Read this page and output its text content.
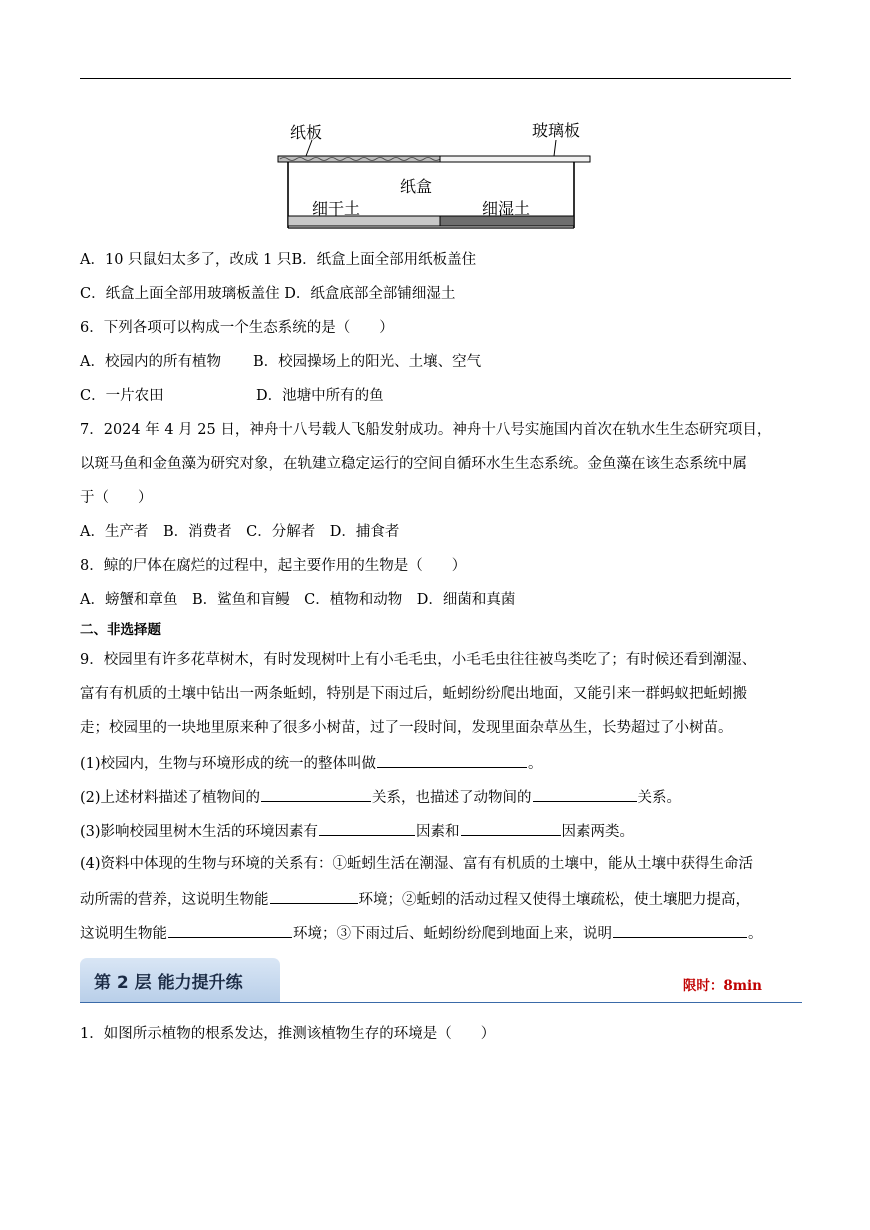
纸板	玻璃板
纸盒
细干土	细湿土
A．10 只鼠妇太多了，改成 1 只B．纸盒上面全部用纸板盖住
C．纸盒上面全部用玻璃板盖住 D．纸盒底部全部铺细湿土
6．下列各项可以构成一个生态系统的是（　　）
A．校园内的所有植物 B．校园操场上的阳光、土壤、空气
C．一片农田	D．池塘中所有的鱼
7．2024 年 4 月 25 日，神舟十八号载人飞船发射成功。神舟十八号实施国内首次在轨水生生态研究项目，
以斑马鱼和金鱼藻为研究对象，在轨建立稳定运行的空间自循环水生生态系统。金鱼藻在该生态系统中属
于（　　）
A．生产者　B．消费者　C．分解者　D．捕食者
8．鲸的尸体在腐烂的过程中，起主要作用的生物是（　　）
A．螃蟹和章鱼　B．鲨鱼和盲鳗　C．植物和动物　D．细菌和真菌
二、非选择题
9．校园里有许多花草树木，有时发现树叶上有小毛毛虫，小毛毛虫往往被鸟类吃了；有时候还看到潮湿、
富有有机质的土壤中钻出一两条蚯蚓，特别是下雨过后，蚯蚓纷纷爬出地面，又能引来一群蚂蚁把蚯蚓搬
走；校园里的一块地里原来种了很多小树苗，过了一段时间，发现里面杂草丛生，长势超过了小树苗。
(1)校园内，生物与环境形成的统一的整体叫做	。
(2)上述材料描述了植物间的	关系，也描述了动物间的	关系。
(3)影响校园里树木生活的环境因素有	因素和	因素两类。
(4)资料中体现的生物与环境的关系有：①蚯蚓生活在潮湿、富有有机质的土壤中，能从土壤中获得生命活
动所需的营养，这说明生物能	环境；②蚯蚓的活动过程又使得土壤疏松，使土壤肥力提高，
这说明生物能	环境；③下雨过后、蚯蚓纷纷爬到地面上来，说明	。
第 2 层 能力提升练	限时：8min
1．如图所示植物的根系发达，推测该植物生存的环境是（　　）
